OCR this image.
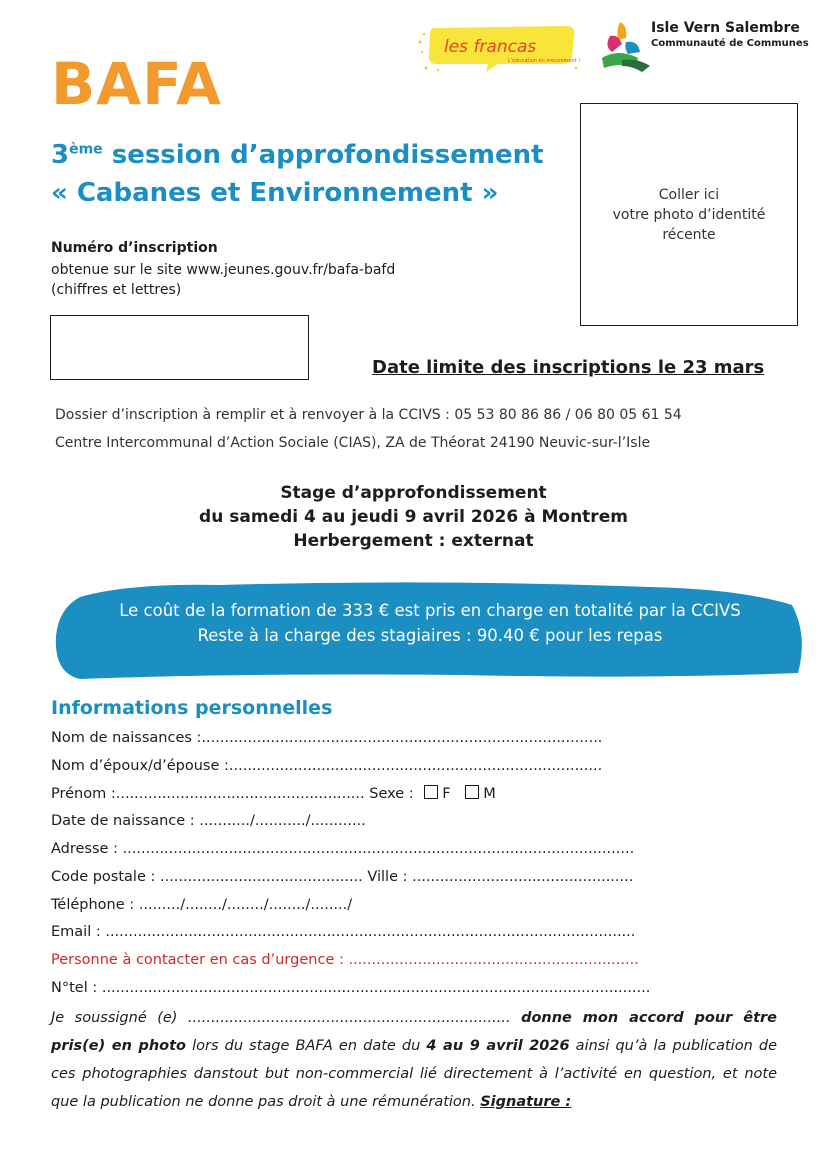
les francas
L'éducation en mouvement !
Isle Vern Salembre
Communauté de Communes
BAFA
3ème session d’approfondissement
« Cabanes et Environnement »
Numéro d’inscription
obtenue sur le site www.jeunes.gouv.fr/bafa-bafd
(chiffres et lettres)
Coller ici
votre photo d’identité
récente
Date limite des inscriptions le 23 mars
Dossier d’inscription à remplir et à renvoyer à la CCIVS : 05 53 80 86 86 / 06 80 05 61 54
Centre Intercommunal d’Action Sociale (CIAS), ZA de Théorat 24190 Neuvic-sur-l’Isle
Stage d’approfondissement
du samedi 4 au jeudi 9 avril 2026 à Montrem
Herbergement : externat
Le coût de la formation de 333 € est pris en charge en totalité par la CCIVS
Reste à la charge des stagiaires : 90.40 € pour les repas
Informations personnelles
Nom de naissances :.......................................................................................
Nom d’époux/d’épouse :.................................................................................
Prénom :...................................................... Sexe : F M
Date de naissance : .........../.........../............
Adresse : ...............................................................................................................
Code postale : ............................................ Ville : ................................................
Téléphone : ........./......../......../......../......../
Email : ...................................................................................................................
Personne à contacter en cas d’urgence : ...............................................................
N°tel : .......................................................................................................................
Je soussigné (e) ...................................................................... donne mon accord pour être pris(e) en photo lors du stage BAFA en date du 4 au 9 avril 2026 ainsi qu’à la publication de ces photographies danstout but non-commercial lié directement à l’activité en question, et note que la publication ne donne pas droit à une rémunération. Signature :
